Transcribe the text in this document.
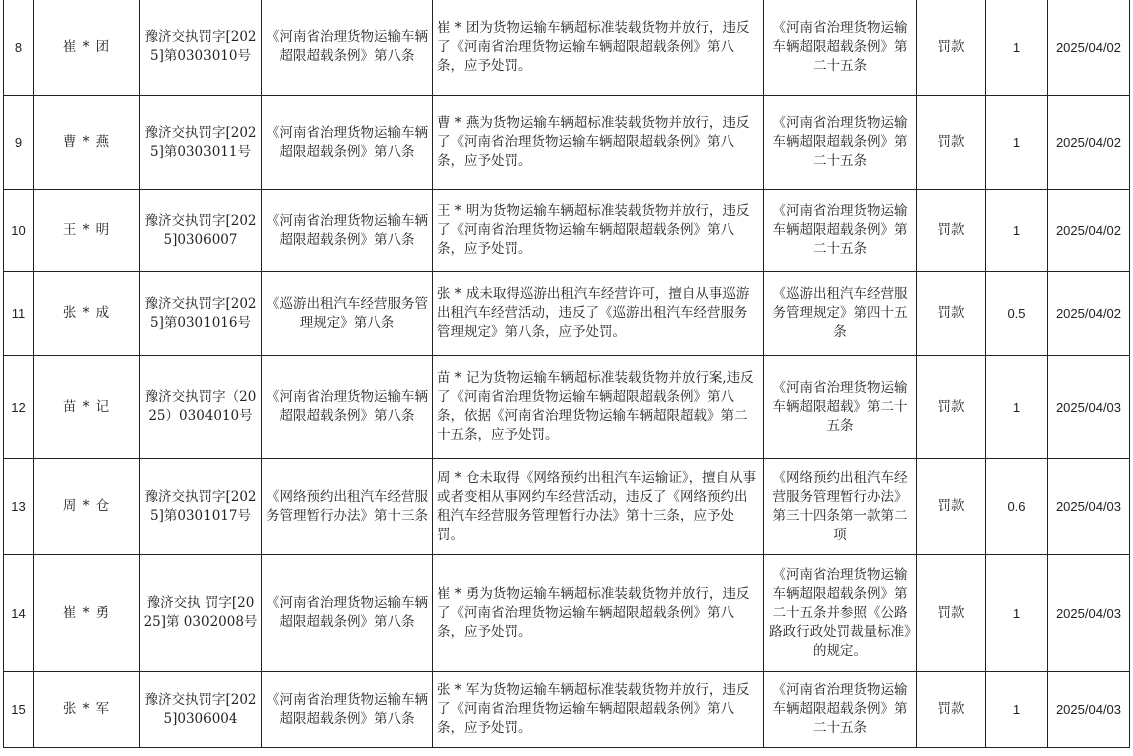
8	崔 * 团	豫济交执罚字[2025]第0303010号	《河南省治理货物运输车辆超限超载条例》第八条	崔 * 团为货物运输车辆超标准装载货物并放行，违反了《河南省治理货物运输车辆超限超载条例》第八条，应予处罚。	《河南省治理货物运输车辆超限超载条例》第二十五条	罚款	1	2025/04/02
9	曹 * 燕	豫济交执罚字[2025]第0303011号	《河南省治理货物运输车辆超限超载条例》第八条	曹 * 燕为货物运输车辆超标准装载货物并放行，违反了《河南省治理货物运输车辆超限超载条例》第八条，应予处罚。	《河南省治理货物运输车辆超限超载条例》第二十五条	罚款	1	2025/04/02
10	王 * 明	豫济交执罚字[2025]0306007	《河南省治理货物运输车辆超限超载条例》第八条	王 * 明为货物运输车辆超标准装载货物并放行，违反了《河南省治理货物运输车辆超限超载条例》第八条，应予处罚。	《河南省治理货物运输车辆超限超载条例》第二十五条	罚款	1	2025/04/02
11	张 * 成	豫济交执罚字[2025]第0301016号	《巡游出租汽车经营服务管理规定》第八条	张 * 成未取得巡游出租汽车经营许可，擅自从事巡游出租汽车经营活动，违反了《巡游出租汽车经营服务管理规定》第八条，应予处罚。	《巡游出租汽车经营服务管理规定》第四十五条	罚款	0.5	2025/04/02
12	苗 * 记	豫济交执罚字（2025）0304010号	《河南省治理货物运输车辆超限超载条例》第八条	苗 * 记为货物运输车辆超标准装载货物并放行案,违反了《河南省治理货物运输车辆超限超载条例》第八条，依据《河南省治理货物运输车辆超限超载》第二十五条，应予处罚。	《河南省治理货物运输车辆超限超载》第二十五条	罚款	1	2025/04/03
13	周 * 仓	豫济交执罚字[2025]第0301017号	《网络预约出租汽车经营服务管理暂行办法》第十三条	周 * 仓未取得《网络预约出租汽车运输证》，擅自从事或者变相从事网约车经营活动，违反了《网络预约出租汽车经营服务管理暂行办法》第十三条，应予处罚。	《网络预约出租汽车经营服务管理暂行办法》第三十四条第一款第二项	罚款	0.6	2025/04/03
14	崔 * 勇	豫济交执 罚字[2025]第 0302008号	《河南省治理货物运输车辆超限超载条例》第八条	崔 * 勇为货物运输车辆超标准装载货物并放行，违反了《河南省治理货物运输车辆超限超载条例》第八条，应予处罚。	《河南省治理货物运输车辆超限超载条例》第二十五条并参照《公路路政行政处罚裁量标准》的规定。	罚款	1	2025/04/03
15	张 * 军	豫济交执罚字[2025]0306004	《河南省治理货物运输车辆超限超载条例》第八条	张 * 军为货物运输车辆超标准装载货物并放行，违反了《河南省治理货物运输车辆超限超载条例》第八条，应予处罚。	《河南省治理货物运输车辆超限超载条例》第二十五条	罚款	1	2025/04/03
